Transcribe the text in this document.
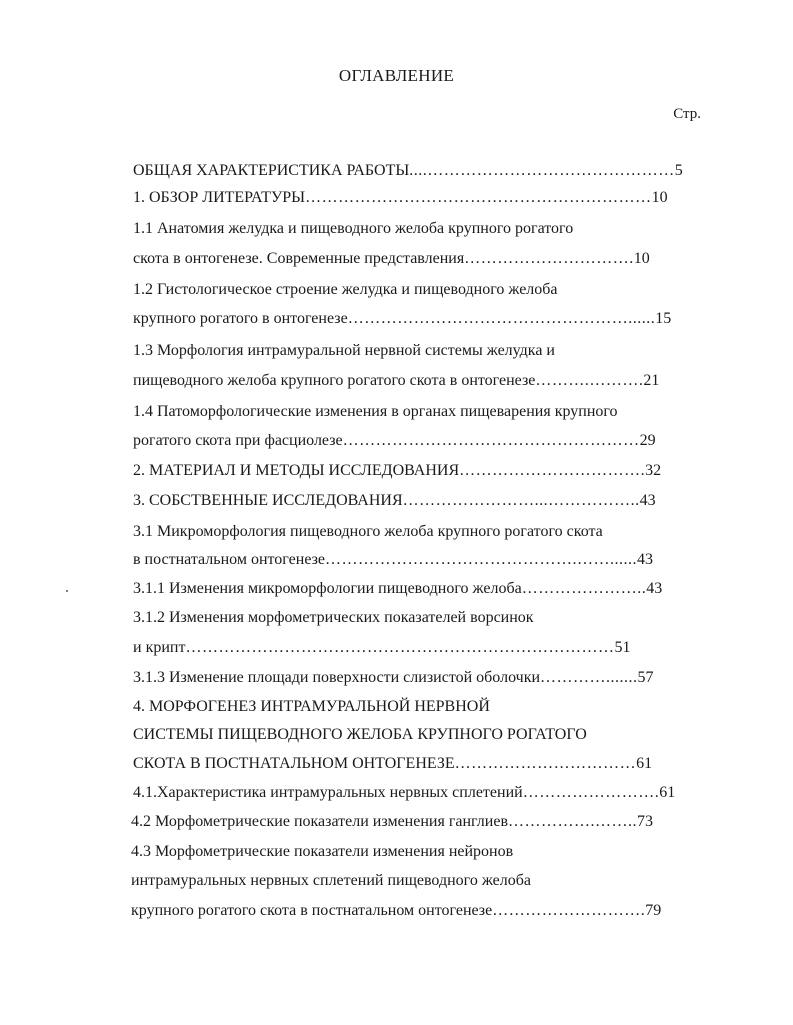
ОГЛАВЛЕНИЕ
Стр.
ОБЩАЯ ХАРАКТЕРИСТИКА РАБОТЫ....………………………………………5
1. ОБЗОР ЛИТЕРАТУРЫ………………………………………………………10
1.1 Анатомия желудка и пищеводного желоба крупного рогатого
скота в онтогенезе. Современные представления………………………….10
1.2 Гистологическое строение желудка и пищеводного желоба
крупного рогатого в онтогенезе……………………………………………......15
1.3 Морфология интрамуральной нервной системы желудка и
пищеводного желоба крупного рогатого скота в онтогенезе……….……….21
1.4 Патоморфологические изменения в органах пищеварения крупного
рогатого скота при фасциолезе………………………………………………29
2. МАТЕРИАЛ И МЕТОДЫ ИССЛЕДОВАНИЯ…………………………….32
3. СОБСТВЕННЫЕ ИССЛЕДОВАНИЯ……………………...……………..43
3.1 Микроморфология пищеводного желоба крупного рогатого скота
в постнатальном онтогенезе……………………………………….……......43
3.1.1 Изменения микроморфологии пищеводного желоба…………………..43
3.1.2 Изменения морфометрических показателей ворсинок
и крипт……………………………………………………………………51
3.1.3 Изменение площади поверхности слизистой оболочки………….......57
4. МОРФОГЕНЕЗ ИНТРАМУРАЛЬНОЙ НЕРВНОЙ
СИСТЕМЫ ПИЩЕВОДНОГО ЖЕЛОБА КРУПНОГО РОГАТОГО
СКОТА В ПОСТНАТАЛЬНОМ ОНТОГЕНЕЗЕ……………………………61
4.1.Характеристика интрамуральных нервных сплетений…………………….61
4.2 Морфометрические показатели изменения ганглиев…………….……..73
4.3 Морфометрические показатели изменения нейронов
интрамуральных нервных сплетений пищеводного желоба
крупного рогатого скота в постнатальном онтогенезе……………………….79
